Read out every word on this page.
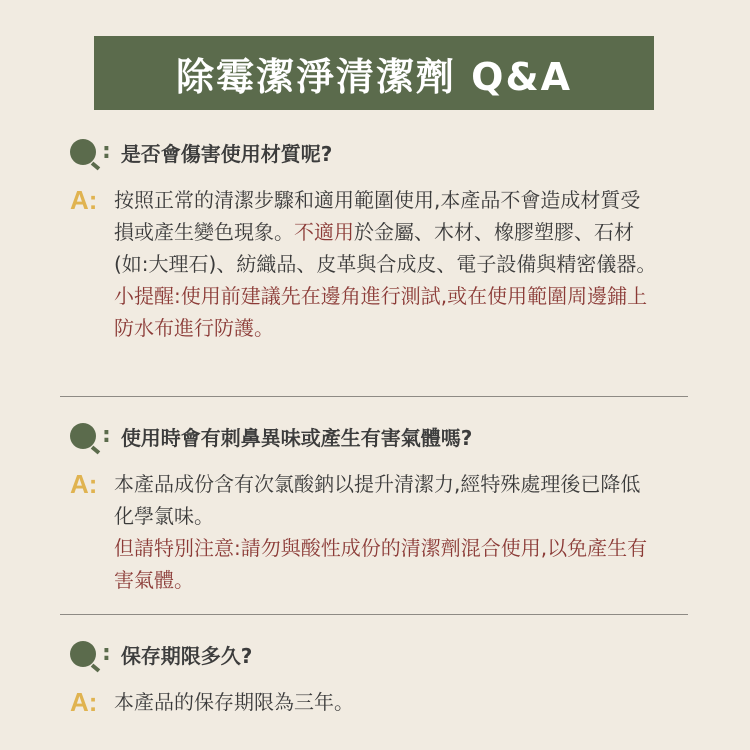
除霉潔淨清潔劑 Q&A
: 是否會傷害使用材質呢?
A: 按照正常的清潔步驟和適用範圍使用,本產品不會造成材質受損或產生變色現象。不適用於金屬、木材、橡膠塑膠、石材(如:大理石)、紡織品、皮革與合成皮、電子設備與精密儀器。

小提醒:使用前建議先在邊角進行測試,或在使用範圍周邊鋪上防水布進行防護。

: 使用時會有刺鼻異味或產生有害氣體嗎?
A: 本產品成份含有次氯酸鈉以提升清潔力,經特殊處理後已降低化學氯味。

但請特別注意:請勿與酸性成份的清潔劑混合使用,以免產生有害氣體。

: 保存期限多久?
A: 本產品的保存期限為三年。
